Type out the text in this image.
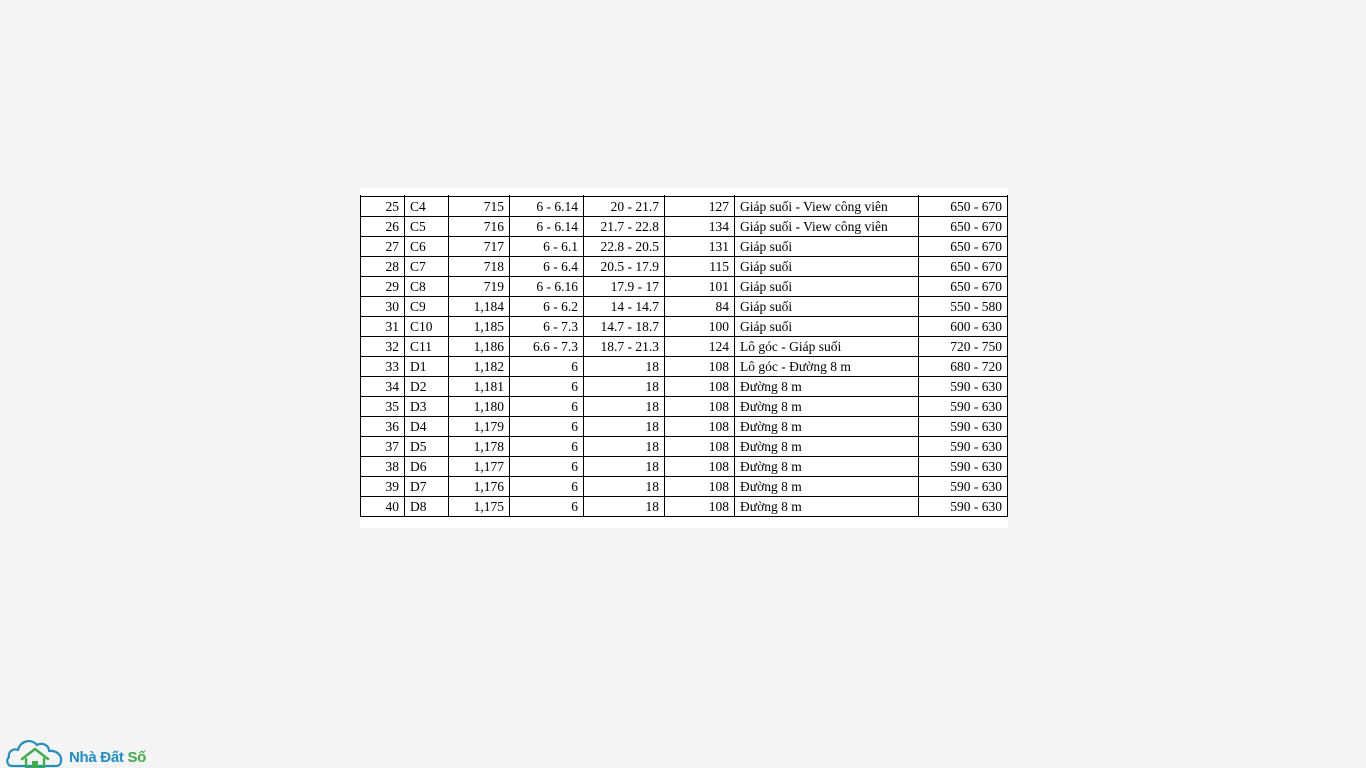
25	C4	715	6 - 6.14	20 - 21.7	127	Giáp suối - View công viên	650 - 670
26	C5	716	6 - 6.14	21.7 - 22.8	134	Giáp suối - View công viên	650 - 670
27	C6	717	6 - 6.1	22.8 - 20.5	131	Giáp suối	650 - 670
28	C7	718	6 - 6.4	20.5 - 17.9	115	Giáp suối	650 - 670
29	C8	719	6 - 6.16	17.9 - 17	101	Giáp suối	650 - 670
30	C9	1,184	6 - 6.2	14 - 14.7	84	Giáp suối	550 - 580
31	C10	1,185	6 - 7.3	14.7 - 18.7	100	Giáp suối	600 - 630
32	C11	1,186	6.6 - 7.3	18.7 - 21.3	124	Lô góc - Giáp suối	720 - 750
33	D1	1,182	6	18	108	Lô góc - Đường 8 m	680 - 720
34	D2	1,181	6	18	108	Đường 8 m	590 - 630
35	D3	1,180	6	18	108	Đường 8 m	590 - 630
36	D4	1,179	6	18	108	Đường 8 m	590 - 630
37	D5	1,178	6	18	108	Đường 8 m	590 - 630
38	D6	1,177	6	18	108	Đường 8 m	590 - 630
39	D7	1,176	6	18	108	Đường 8 m	590 - 630
40	D8	1,175	6	18	108	Đường 8 m	590 - 630
Nhà Đất Số
